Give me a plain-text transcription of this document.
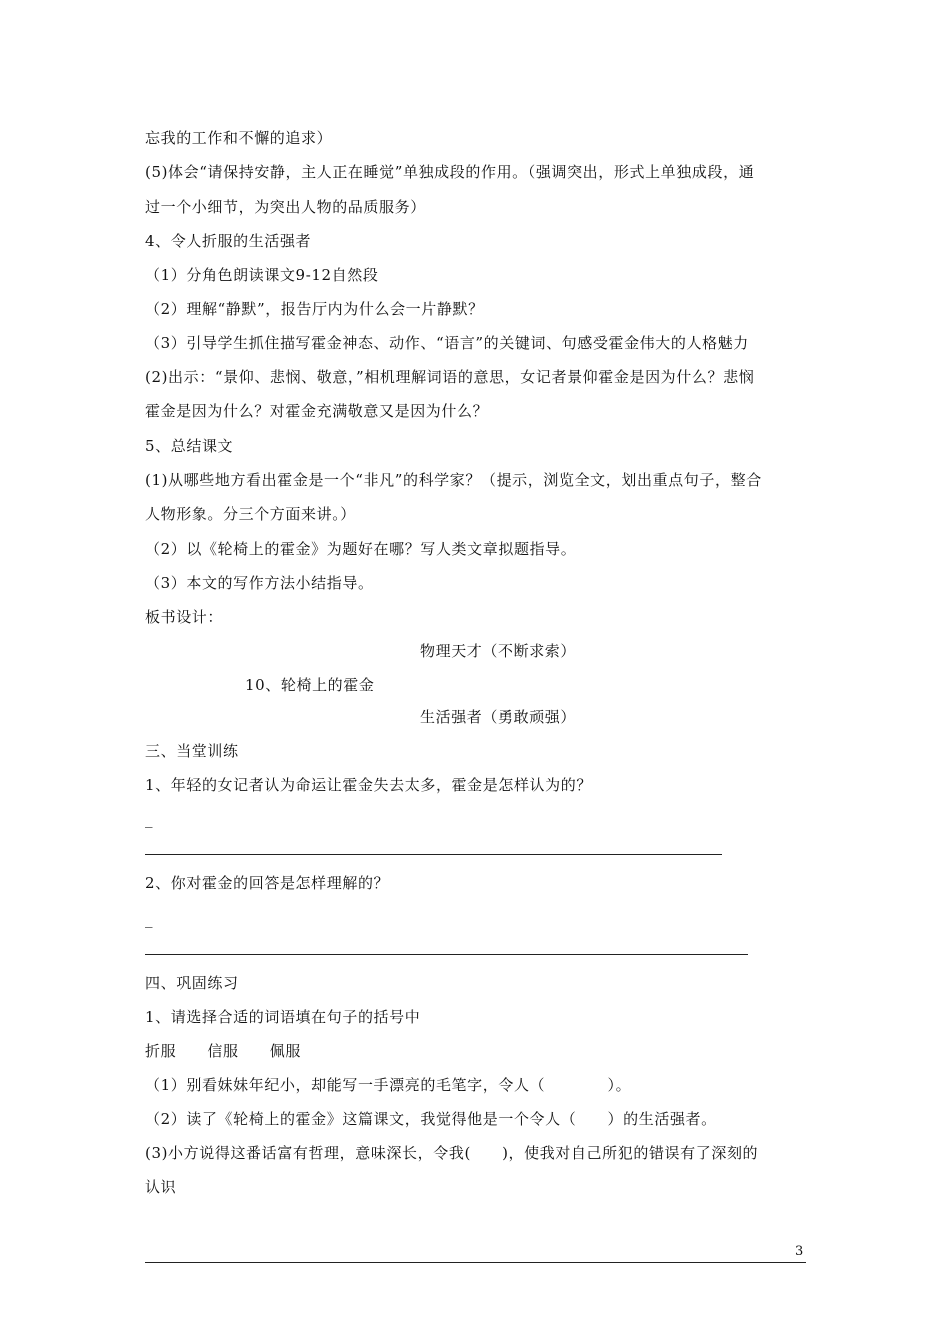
忘我的工作和不懈的追求）
(5)体会“请保持安静，主人正在睡觉”单独成段的作用。（强调突出，形式上单独成段，通
过一个小细节，为突出人物的品质服务）
4、令人折服的生活强者
（1）分角色朗读课文9-12自然段
（2）理解“静默”，报告厅内为什么会一片静默？
（3）引导学生抓住描写霍金神态、动作、“语言”的关键词、句感受霍金伟大的人格魅力
(2)出示：“景仰、悲悯、敬意，”相机理解词语的意思，女记者景仰霍金是因为什么？悲悯
霍金是因为什么？对霍金充满敬意又是因为什么？
5、总结课文
(1)从哪些地方看出霍金是一个“非凡”的科学家？（提示，浏览全文，划出重点句子，整合
人物形象。分三个方面来讲。）
（2）以《轮椅上的霍金》为题好在哪？写人类文章拟题指导。
（3）本文的写作方法小结指导。
板书设计：
物理天才（不断求索）
10、轮椅上的霍金
生活强者（勇敢顽强）
三、当堂训练
1、年轻的女记者认为命运让霍金失去太多，霍金是怎样认为的？
_
2、你对霍金的回答是怎样理解的？
_
四、巩固练习
1、请选择合适的词语填在句子的括号中
折服　　信服　　佩服
（1）别看妹妹年纪小，却能写一手漂亮的毛笔字，令人（　　　　）。
（2）读了《轮椅上的霍金》这篇课文，我觉得他是一个令人（　　）的生活强者。
(3)小方说得这番话富有哲理，意味深长，令我(　　)，使我对自己所犯的错误有了深刻的
认识
3
